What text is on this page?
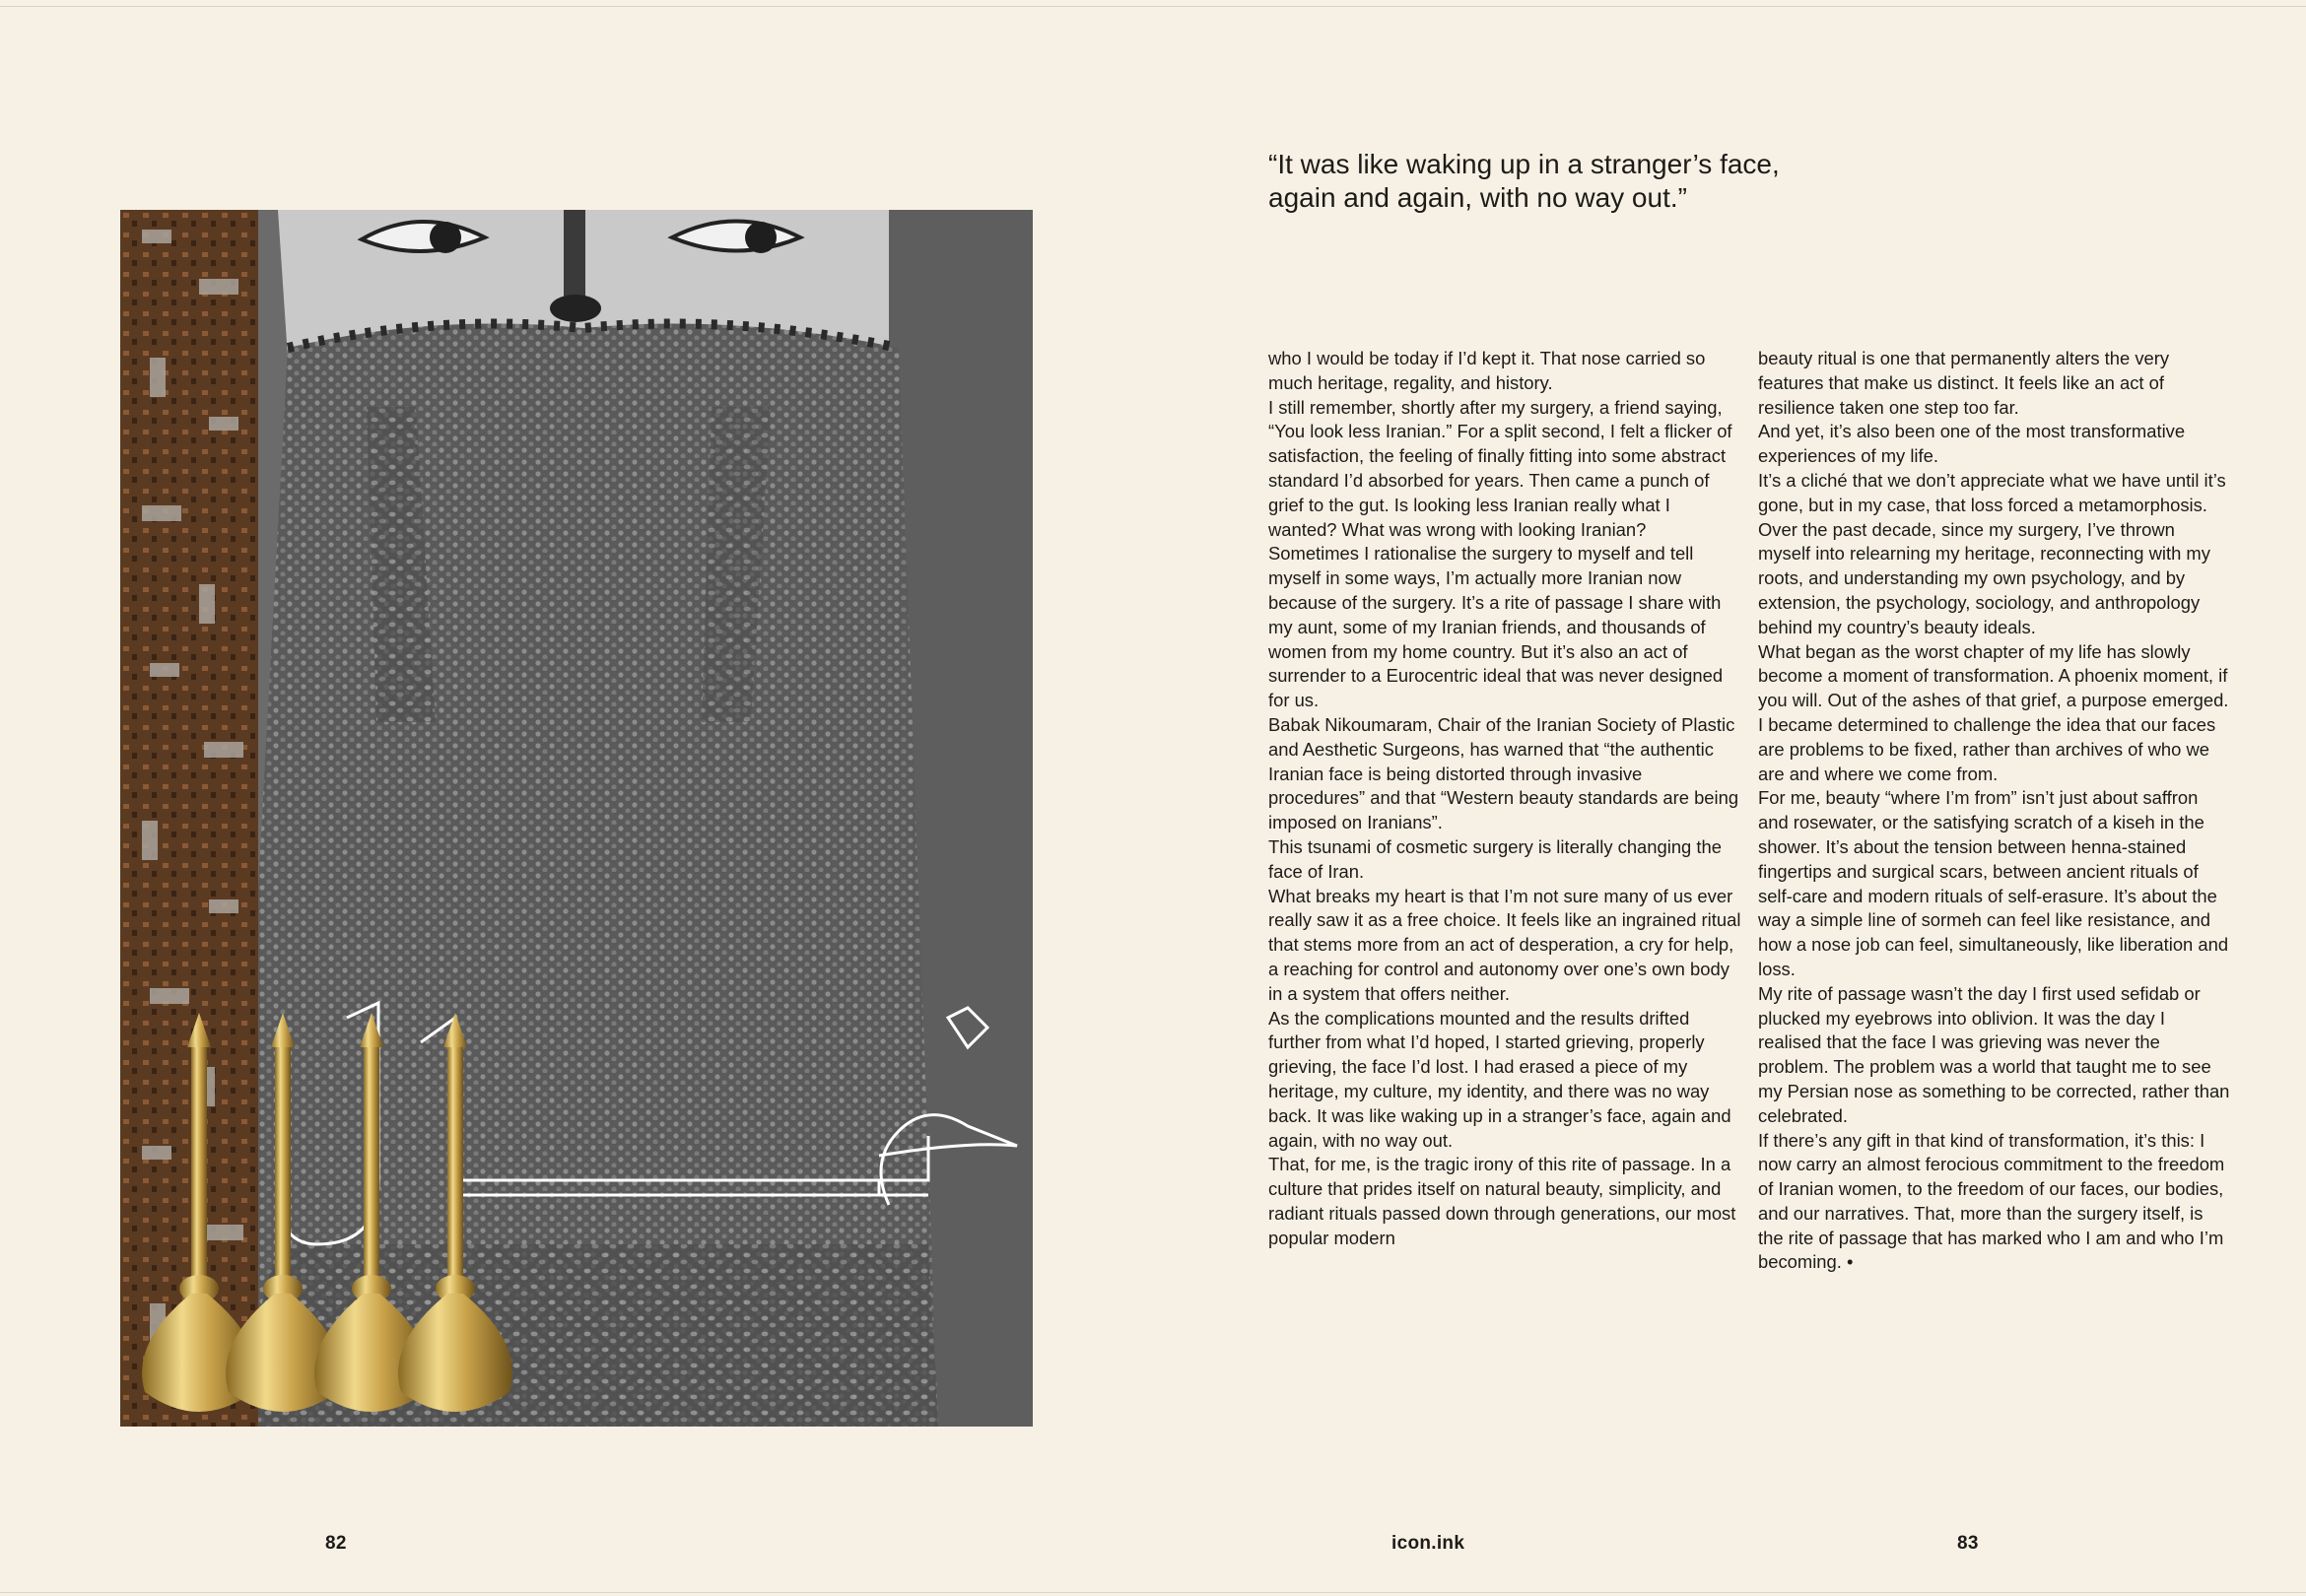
“It was like waking up in a stranger’s face,
again and again, with no way out.”

who I would be today if I’d kept it. That nose carried so much heritage, regality, and history.

I still remember, shortly after my surgery, a friend saying, “You look less Iranian.” For a split second, I felt a flicker of satisfaction, the feeling of finally fitting into some abstract standard I’d absorbed for years. Then came a punch of grief to the gut. Is looking less Iranian really what I wanted? What was wrong with looking Iranian?

Sometimes I rationalise the surgery to myself and tell myself in some ways, I’m actually more Iranian now because of the surgery. It’s a rite of passage I share with my aunt, some of my Iranian friends, and thousands of women from my home country. But it’s also an act of surrender to a Eurocentric ideal that was never designed for us.

Babak Nikoumaram, Chair of the Iranian Society of Plastic and Aesthetic Surgeons, has warned that “the authentic Iranian face is being distorted through invasive procedures” and that “Western beauty standards are being imposed on Iranians”.

This tsunami of cosmetic surgery is literally changing the face of Iran.

What breaks my heart is that I’m not sure many of us ever really saw it as a free choice. It feels like an ingrained ritual that stems more from an act of desperation, a cry for help, a reaching for control and autonomy over one’s own body in a system that offers neither.

As the complications mounted and the results drifted further from what I’d hoped, I started grieving, properly grieving, the face I’d lost. I had erased a piece of my heritage, my culture, my identity, and there was no way back. It was like waking up in a stranger’s face, again and again, with no way out.

That, for me, is the tragic irony of this rite of passage. In a culture that prides itself on natural beauty, simplicity, and radiant rituals passed down through generations, our most popular modern

beauty ritual is one that permanently alters the very features that make us distinct. It feels like an act of resilience taken one step too far.

And yet, it’s also been one of the most transformative experiences of my life.

It’s a cliché that we don’t appreciate what we have until it’s gone, but in my case, that loss forced a metamorphosis. Over the past decade, since my surgery, I’ve thrown myself into relearning my heritage, reconnecting with my roots, and understanding my own psychology, and by extension, the psychology, sociology, and anthropology behind my country’s beauty ideals.

What began as the worst chapter of my life has slowly become a moment of transformation. A phoenix moment, if you will. Out of the ashes of that grief, a purpose emerged. I became determined to challenge the idea that our faces are problems to be fixed, rather than archives of who we are and where we come from.

For me, beauty “where I’m from” isn’t just about saffron and rosewater, or the satisfying scratch of a kiseh in the shower. It’s about the tension between henna-stained fingertips and surgical scars, between ancient rituals of self-care and modern rituals of self-erasure. It’s about the way a simple line of sormeh can feel like resistance, and how a nose job can feel, simultaneously, like liberation and loss.

My rite of passage wasn’t the day I first used sefidab or plucked my eyebrows into oblivion. It was the day I realised that the face I was grieving was never the problem. The problem was a world that taught me to see my Persian nose as something to be corrected, rather than celebrated.

If there’s any gift in that kind of transformation, it’s this: I now carry an almost ferocious commitment to the freedom of Iranian women, to the freedom of our faces, our bodies, and our narratives. That, more than the surgery itself, is the rite of passage that has marked who I am and who I’m becoming. •

82	icon.ink	83
